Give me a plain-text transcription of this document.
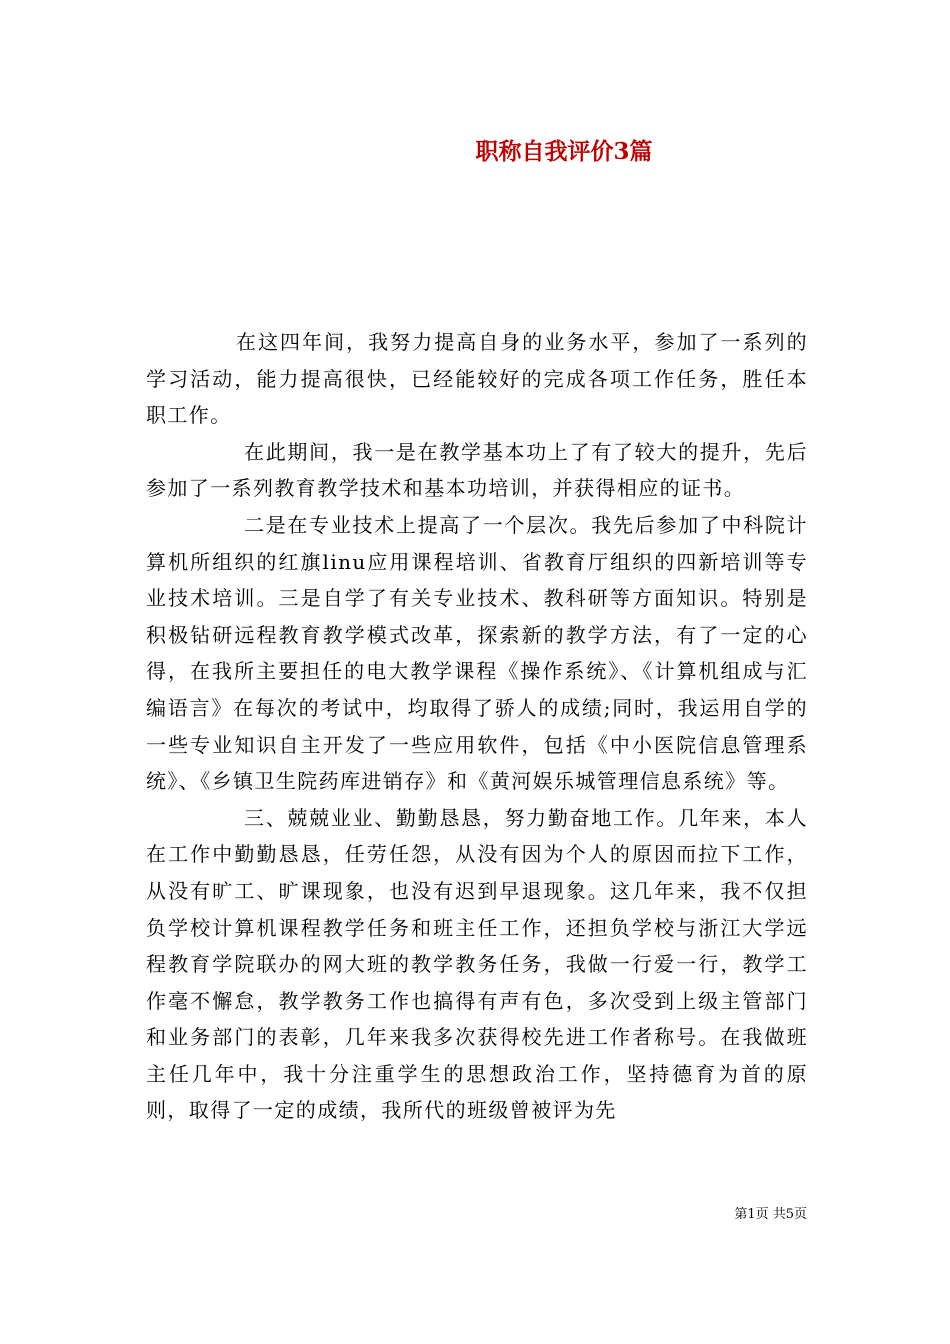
职称自我评价3篇

在这四年间，我努力提高自身的业务水平，参加了一系列的学习活动，能力提高很快，已经能较好的完成各项工作任务，胜任本职工作。

在此期间，我一是在教学基本功上了有了较大的提升，先后参加了一系列教育教学技术和基本功培训，并获得相应的证书。

二是在专业技术上提高了一个层次。我先后参加了中科院计算机所组织的红旗linu应用课程培训、省教育厅组织的四新培训等专业技术培训。三是自学了有关专业技术、教科研等方面知识。特别是积极钻研远程教育教学模式改革，探索新的教学方法，有了一定的心得，在我所主要担任的电大教学课程《操作系统》、《计算机组成与汇编语言》在每次的考试中，均取得了骄人的成绩;同时，我运用自学的一些专业知识自主开发了一些应用软件，包括《中小医院信息管理系统》、《乡镇卫生院药库进销存》和《黄河娱乐城管理信息系统》等。

三、兢兢业业、勤勤恳恳，努力勤奋地工作。几年来，本人在工作中勤勤恳恳，任劳任怨，从没有因为个人的原因而拉下工作，从没有旷工、旷课现象，也没有迟到早退现象。这几年来，我不仅担负学校计算机课程教学任务和班主任工作，还担负学校与浙江大学远程教育学院联办的网大班的教学教务任务，我做一行爱一行，教学工作毫不懈怠，教学教务工作也搞得有声有色，多次受到上级主管部门和业务部门的表彰，几年来我多次获得校先进工作者称号。在我做班主任几年中，我十分注重学生的思想政治工作，坚持德育为首的原则，取得了一定的成绩，我所代的班级曾被评为先

第1页 共5页
